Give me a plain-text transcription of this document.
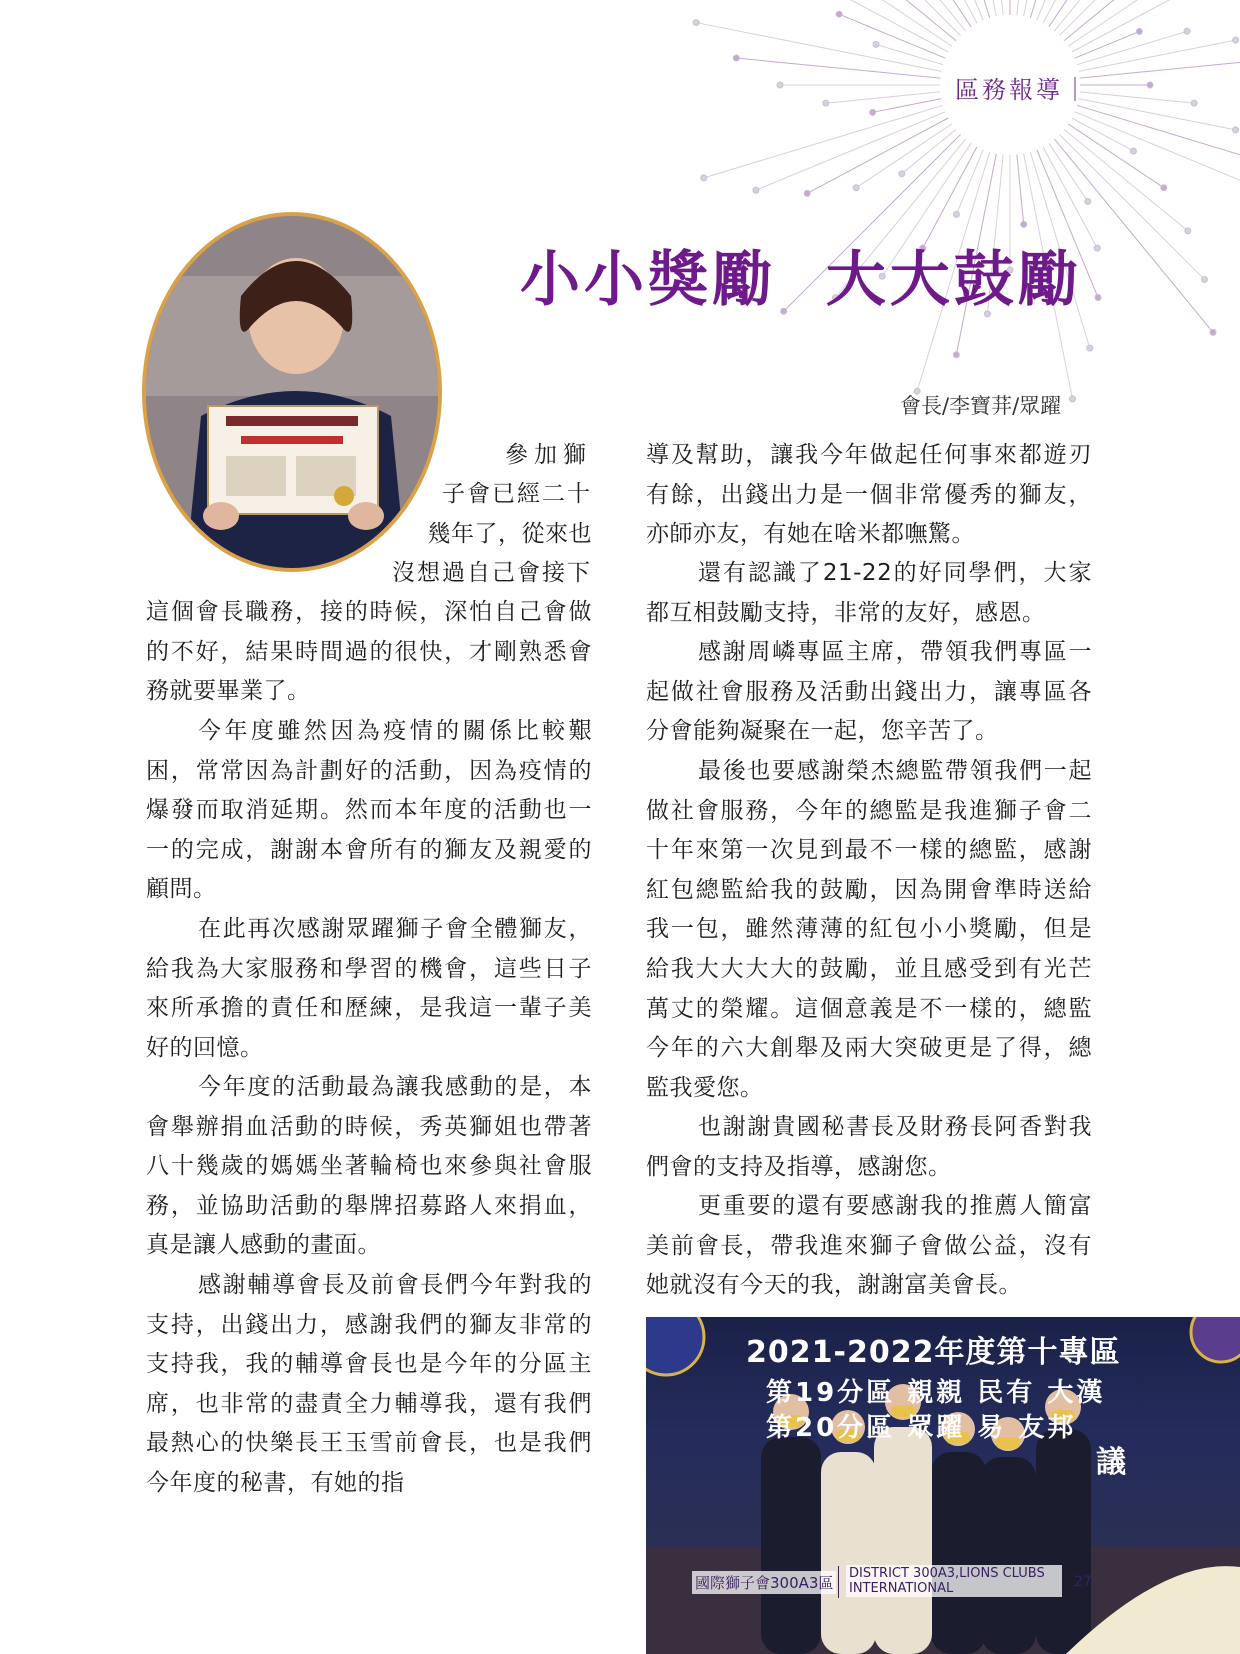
區務報導｜
小小獎勵  大大鼓勵
會長/李寶荓/眾躍

參加獅

子會已經二十

幾年了，從來也

沒想過自己會接下

這個會長職務，接的時候，深怕自己會做的不好，結果時間過的很快，才剛熟悉會務就要畢業了。

今年度雖然因為疫情的關係比較艱困，常常因為計劃好的活動，因為疫情的爆發而取消延期。然而本年度的活動也一一的完成，謝謝本會所有的獅友及親愛的顧問。

在此再次感謝眾躍獅子會全體獅友，給我為大家服務和學習的機會，這些日子來所承擔的責任和歷練，是我這一輩子美好的回憶。

今年度的活動最為讓我感動的是，本會舉辦捐血活動的時候，秀英獅姐也帶著八十幾歲的媽媽坐著輪椅也來參與社會服務，並協助活動的舉牌招募路人來捐血，真是讓人感動的畫面。

感謝輔導會長及前會長們今年對我的支持，出錢出力，感謝我們的獅友非常的支持我，我的輔導會長也是今年的分區主席，也非常的盡責全力輔導我，還有我們最熱心的快樂長王玉雪前會長，也是我們今年度的秘書，有她的指

導及幫助，讓我今年做起任何事來都遊刃有餘，出錢出力是一個非常優秀的獅友，亦師亦友，有她在啥米都嘸驚。

還有認識了21-22的好同學們，大家都互相鼓勵支持，非常的友好，感恩。

感謝周嶙專區主席，帶領我們專區一起做社會服務及活動出錢出力，讓專區各分會能夠凝聚在一起，您辛苦了。

最後也要感謝榮杰總監帶領我們一起做社會服務，今年的總監是我進獅子會二十年來第一次見到最不一樣的總監，感謝紅包總監給我的鼓勵，因為開會準時送給我一包，雖然薄薄的紅包小小獎勵，但是給我大大大大的鼓勵，並且感受到有光芒萬丈的榮耀。這個意義是不一樣的，總監今年的六大創舉及兩大突破更是了得，總監我愛您。

也謝謝貴國秘書長及財務長阿香對我們會的支持及指導，感謝您。

更重要的還有要感謝我的推薦人簡富美前會長，帶我進來獅子會做公益，沒有她就沒有今天的我，謝謝富美會長。

2021-2022年度第十專區
第19分區 親親 民有 大漢
第20分區 眾躍 易 友邦
議
國際獅子會300A3區
DISTRICT 300A3,LIONS CLUBS INTERNATIONAL	27
